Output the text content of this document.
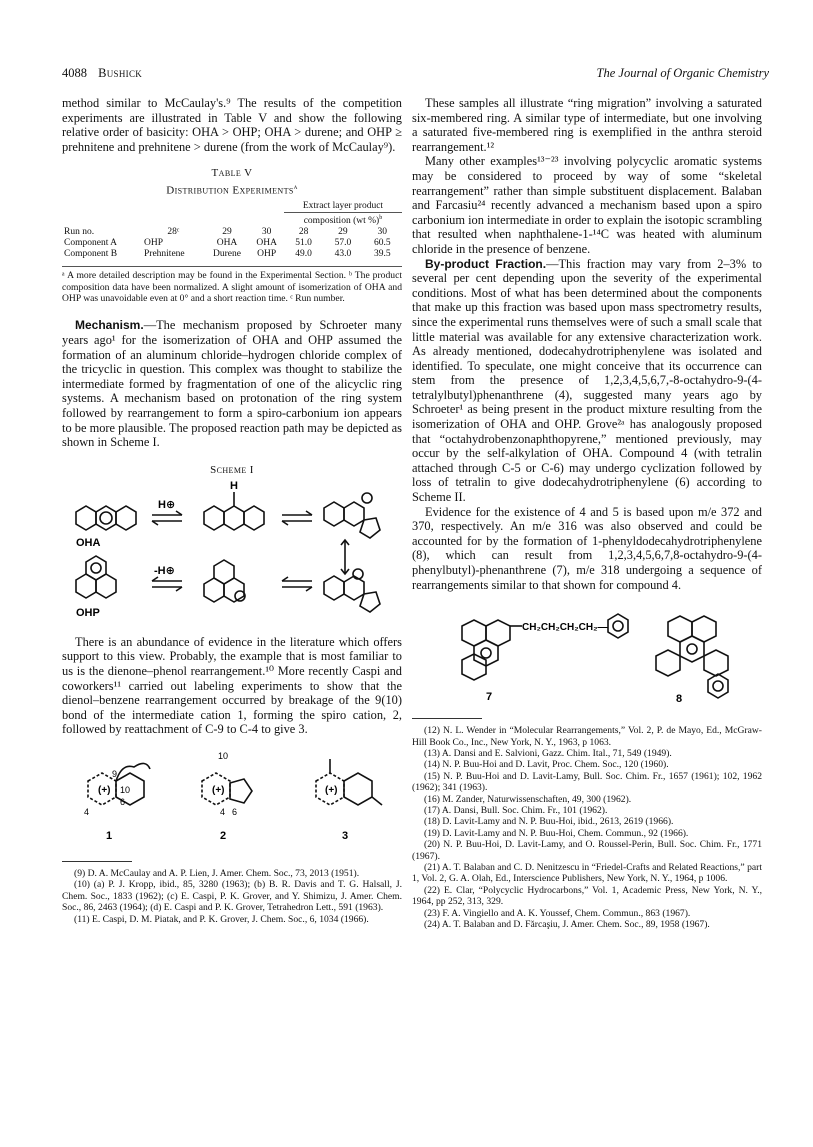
4088 Busнick	The Journal of Organic Chemistry

method similar to McCaulay's.⁹ The results of the competition experiments are illustrated in Table V and show the following relative order of basicity: OHA > OHP; OHA > durene; and OHP ≥ prehnitene and prehnitene > durene (from the work of McCaulay⁹).

Table V
Distribution Experiments$^a$
				Extract layer product		
				composition (wt %)$^b$
Run no.	28ᶜ	29	30	28	29	30
Component A	OHP	OHA	OHA	51.0	57.0	60.5
Component B	Prehnitene	Durene	OHP	49.0	43.0	39.5
ᵃ A more detailed description may be found in the Experimental Section. ᵇ The product composition data have been normalized. A slight amount of isomerization of OHA and OHP was unavoidable even at 0° and a short reaction time. ᶜ Run number.

Mechanism.—The mechanism proposed by Schroeter many years ago¹ for the isomerization of OHA and OHP assumed the formation of an aluminum chloride–hydrogen chloride complex of the tricyclic in question. This complex was thought to stabilize the intermediate formed by fragmentation of one of the alicyclic ring systems. A mechanism based on protonation of the ring system followed by rearrangement to form a spiro-carbonium ion appears to be more plausible. The proposed reaction path may be depicted as shown in Scheme I.

Scheme I
OHA
OHP
H⊕
-H⊕
H

There is an abundance of evidence in the literature which offers support to this view. Probably, the example that is most familiar to us is the dienone–phenol rearrangement.¹⁰ More recently Caspi and coworkers¹¹ carried out labeling experiments to show that the dienol–benzene rearrangement occurred by breakage of the 9(10) bond of the intermediate cation 1, forming the spiro cation, 2, followed by reattachment of C-9 to C-4 to give 3.

(+)	(+)	(+)
9
10
6
4
10
4 6
1	2	3
(9) D. A. McCaulay and A. P. Lien, J. Amer. Chem. Soc., 73, 2013 (1951).
(10) (a) P. J. Kropp, ibid., 85, 3280 (1963); (b) B. R. Davis and T. G. Halsall, J. Chem. Soc., 1833 (1962); (c) E. Caspi, P. K. Grover, and Y. Shimizu, J. Amer. Chem. Soc., 86, 2463 (1964); (d) E. Caspi and P. K. Grover, Tetrahedron Lett., 591 (1963).
(11) E. Caspi, D. M. Piatak, and P. K. Grover, J. Chem. Soc., 6, 1034 (1966).

These samples all illustrate “ring migration” involving a saturated six-membered ring. A similar type of intermediate, but one involving a saturated five-membered ring is exemplified in the anthra steroid rearrangement.¹²

Many other examples¹³⁻²³ involving polycyclic aromatic systems may be considered to proceed by way of some “skeletal rearrangement” rather than simple substituent displacement. Balaban and Farcasiu²⁴ recently advanced a mechanism based upon a spiro carbonium ion intermediate in order to explain the isotopic scrambling that resulted when naphthalene-1-¹⁴C was heated with aluminum chloride in the presence of benzene.

By-product Fraction.—This fraction may vary from 2–3% to several per cent depending upon the severity of the experimental conditions. Most of what has been determined about the components that make up this fraction was based upon mass spectrometry results, since the experimental runs themselves were of such a small scale that little material was available for any extensive characterization work. As already mentioned, dodecahydrotriphenylene was isolated and identified. To speculate, one might conceive that its occurrence can stem from the presence of 1,2,3,4,5,6,7,-8-octahydro-9-(4-tetralylbutyl)phenanthrene (4), suggested many years ago by Schroeter¹ as being present in the product mixture resulting from the isomerization of OHA and OHP. Grove²ᵃ has analogously proposed that “octahydrobenzonaphthopyrene,” mentioned previously, may occur by the self-alkylation of OHA. Compound 4 (with tetralin attached through C-5 or C-6) may undergo cyclization followed by loss of tetralin to give dodecahydrotriphenylene (6) according to Scheme II.

Evidence for the existence of 4 and 5 is based upon m/e 372 and 370, respectively. An m/e 316 was also observed and could be accounted for by the formation of 1-phenyldodecahydrotriphenylene (8), which can result from 1,2,3,4,5,6,7,8-octahydro-9-(4-phenylbutyl)-phenanthrene (7), m/e 318 undergoing a sequence of rearrangements similar to that shown for compound 4.

CH₂CH₂CH₂CH₂—
7	8
(12) N. L. Wender in “Molecular Rearrangements,” Vol. 2, P. de Mayo, Ed., McGraw-Hill Book Co., Inc., New York, N. Y., 1963, p 1063.
(13) A. Dansi and E. Salvioni, Gazz. Chim. Ital., 71, 549 (1949).
(14) N. P. Buu-Hoi and D. Lavit, Proc. Chem. Soc., 120 (1960).
(15) N. P. Buu-Hoi and D. Lavit-Lamy, Bull. Soc. Chim. Fr., 1657 (1961); 102, 1962 (1962); 341 (1963).
(16) M. Zander, Naturwissenschaften, 49, 300 (1962).
(17) A. Dansi, Bull. Soc. Chim. Fr., 101 (1962).
(18) D. Lavit-Lamy and N. P. Buu-Hoi, ibid., 2613, 2619 (1966).
(19) D. Lavit-Lamy and N. P. Buu-Hoi, Chem. Commun., 92 (1966).
(20) N. P. Buu-Hoi, D. Lavit-Lamy, and O. Roussel-Perin, Bull. Soc. Chim. Fr., 1771 (1967).
(21) A. T. Balaban and C. D. Nenitzescu in “Friedel-Crafts and Related Reactions,” part 1, Vol. 2, G. A. Olah, Ed., Interscience Publishers, New York, N. Y., 1964, p 1006.
(22) E. Clar, “Polycyclic Hydrocarbons,” Vol. 1, Academic Press, New York, N. Y., 1964, pp 252, 313, 329.
(23) F. A. Vingiello and A. K. Youssef, Chem. Commun., 863 (1967).
(24) A. T. Balaban and D. Fărcaşiu, J. Amer. Chem. Soc., 89, 1958 (1967).
